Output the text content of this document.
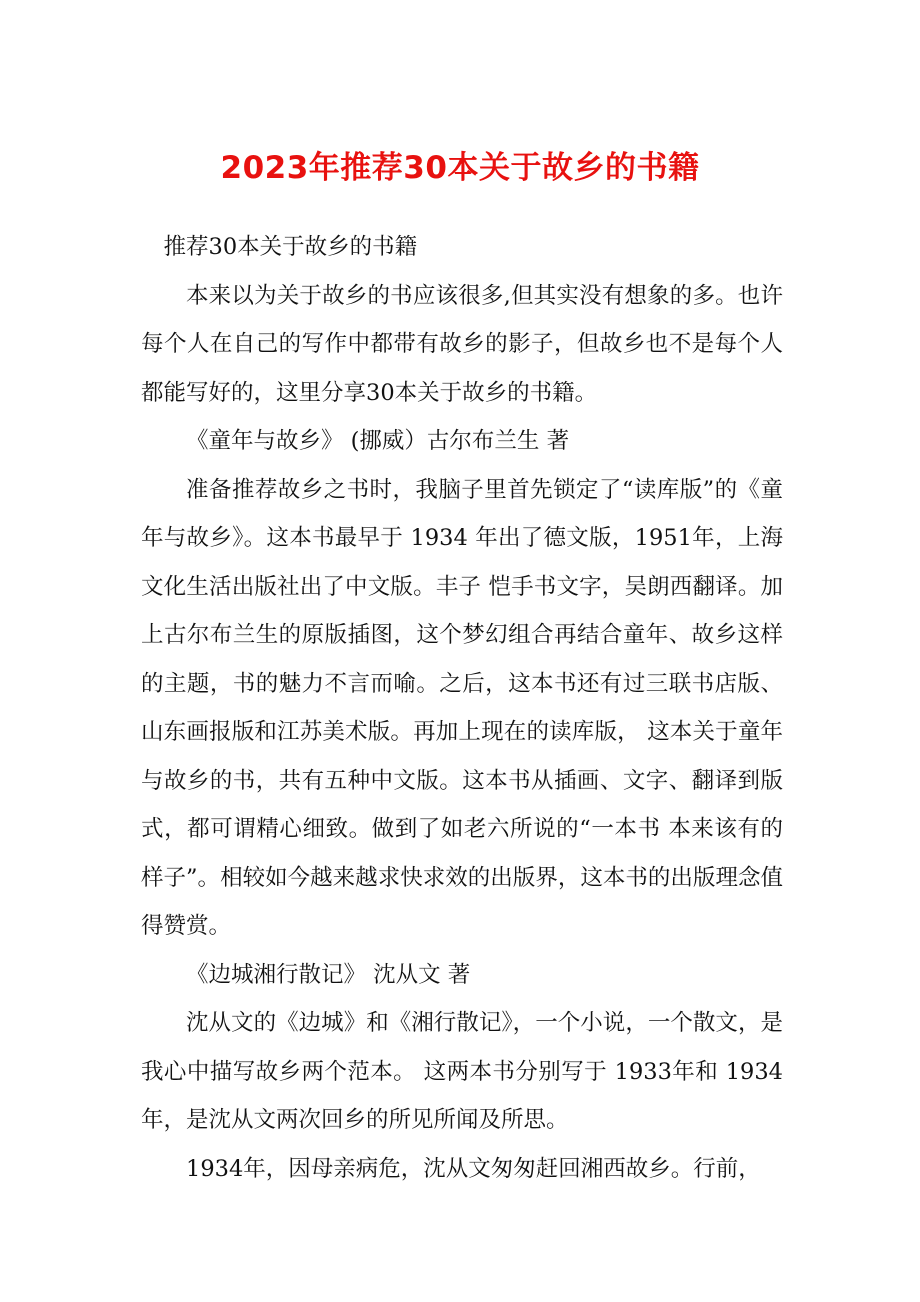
2023年推荐30本关于故乡的书籍

推荐30本关于故乡的书籍

本来以为关于故乡的书应该很多,但其实没有想象的多。也许每个人在自己的写作中都带有故乡的影子，但故乡也不是每个人都能写好的，这里分享30本关于故乡的书籍。

《童年与故乡》 (挪威）古尔布兰生 著

准备推荐故乡之书时，我脑子里首先锁定了“读库版”的《童年与故乡》。这本书最早于 1934 年出了德文版，1951年，上海文化生活出版社出了中文版。丰子 恺手书文字，吴朗西翻译。加上古尔布兰生的原版插图，这个梦幻组合再结合童年、故乡这样的主题，书的魅力不言而喻。之后，这本书还有过三联书店版、山东画报版和江苏美术版。再加上现在的读库版， 这本关于童年与故乡的书，共有五种中文版。这本书从插画、文字、翻译到版式，都可谓精心细致。做到了如老六所说的“一本书 本来该有的样子”。相较如今越来越求快求效的出版界，这本书的出版理念值得赞赏。

《边城湘行散记》 沈从文 著

沈从文的《边城》和《湘行散记》，一个小说，一个散文，是我心中描写故乡两个范本。 这两本书分别写于 1933年和 1934 年，是沈从文两次回乡的所见所闻及所思。

1934年，因母亲病危，沈从文匆匆赶回湘西故乡。行前，
